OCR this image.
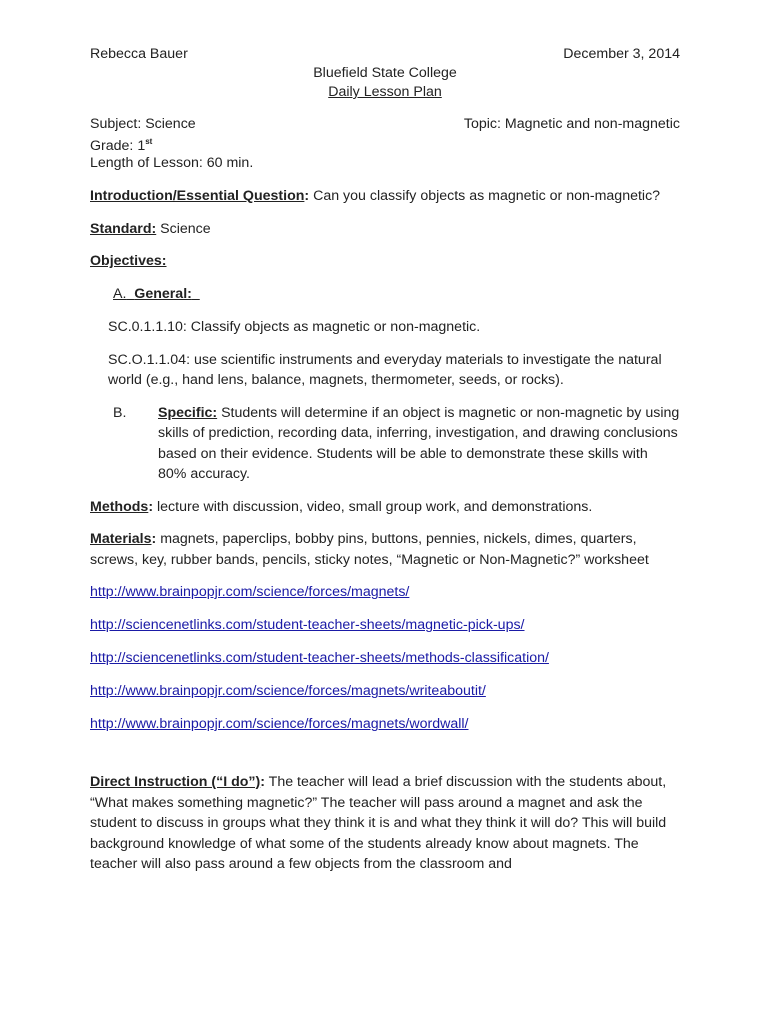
Rebecca Bauer	December 3, 2014
Bluefield State College
Daily Lesson Plan
Subject: Science	Topic: Magnetic and non-magnetic
Grade: 1st
Length of Lesson: 60 min.

Introduction/Essential Question: Can you classify objects as magnetic or non-magnetic?

Standard: Science

Objectives:

A. General:

SC.0.1.1.10: Classify objects as magnetic or non-magnetic.

SC.O.1.1.04: use scientific instruments and everyday materials to investigate the natural world (e.g., hand lens, balance, magnets, thermometer, seeds, or rocks).

B.	Specific: Students will determine if an object is magnetic or non-magnetic by using skills of prediction, recording data, inferring, investigation, and drawing conclusions based on their evidence. Students will be able to demonstrate these skills with 80% accuracy.

Methods: lecture with discussion, video, small group work, and demonstrations.

Materials: magnets, paperclips, bobby pins, buttons, pennies, nickels, dimes, quarters, screws, key, rubber bands, pencils, sticky notes, “Magnetic or Non-Magnetic?” worksheet

http://www.brainpopjr.com/science/forces/magnets/
http://sciencenetlinks.com/student-teacher-sheets/magnetic-pick-ups/
http://sciencenetlinks.com/student-teacher-sheets/methods-classification/
http://www.brainpopjr.com/science/forces/magnets/writeaboutit/
http://www.brainpopjr.com/science/forces/magnets/wordwall/

Direct Instruction (“I do”): The teacher will lead a brief discussion with the students about, “What makes something magnetic?” The teacher will pass around a magnet and ask the student to discuss in groups what they think it is and what they think it will do? This will build background knowledge of what some of the students already know about magnets. The teacher will also pass around a few objects from the classroom and
